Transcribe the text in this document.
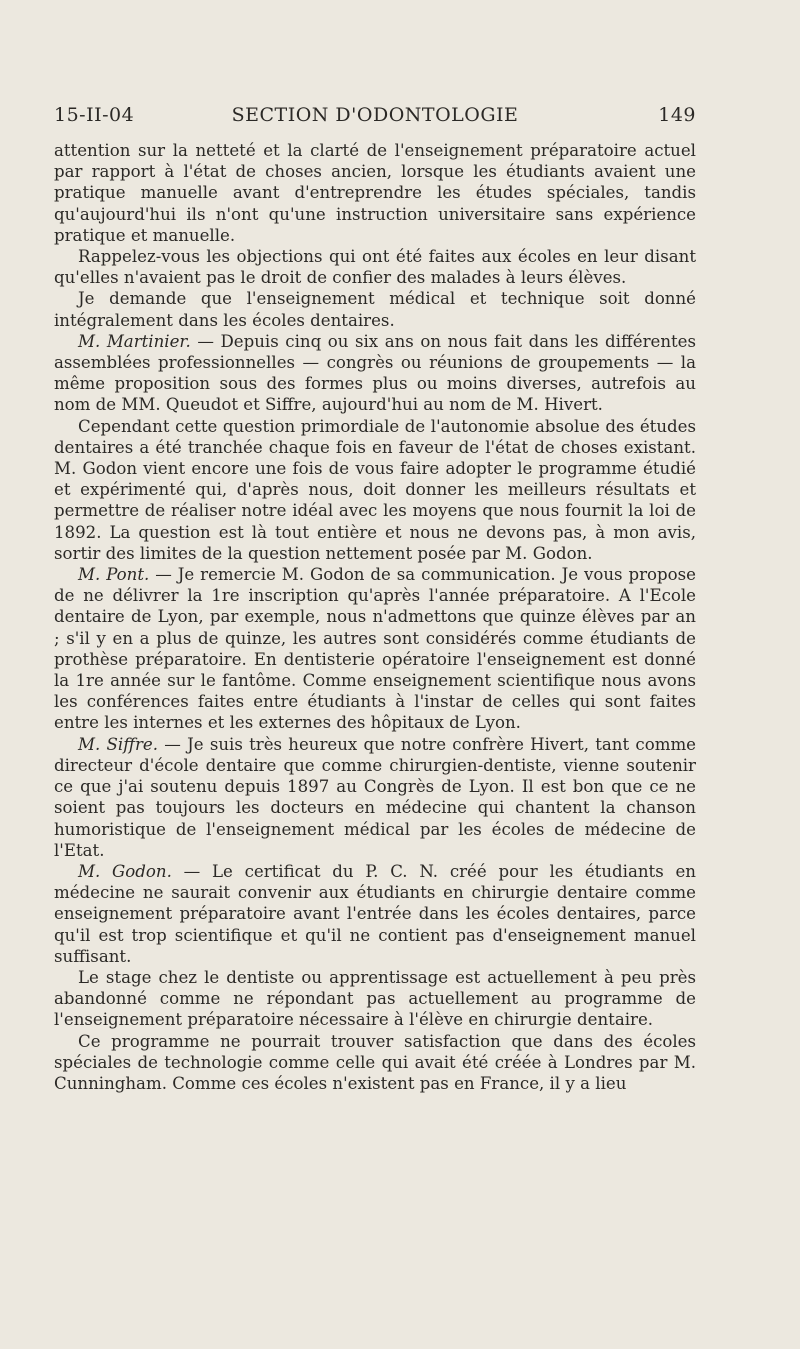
15-II-04	SECTION D'ODONTOLOGIE	149

attention sur la netteté et la clarté de l'enseignement préparatoire actuel par rapport à l'état de choses ancien, lorsque les étudiants avaient une pratique manuelle avant d'entreprendre les études spéciales, tandis qu'aujourd'hui ils n'ont qu'une instruction universitaire sans expérience pratique et manuelle.

Rappelez-vous les objections qui ont été faites aux écoles en leur disant qu'elles n'avaient pas le droit de confier des malades à leurs élèves.

Je demande que l'enseignement médical et technique soit donné intégralement dans les écoles dentaires.

M. Martinier. — Depuis cinq ou six ans on nous fait dans les différentes assemblées professionnelles — congrès ou réunions de groupements — la même proposition sous des formes plus ou moins diverses, autrefois au nom de MM. Queudot et Siffre, aujourd'hui au nom de M. Hivert.

Cependant cette question primordiale de l'autonomie absolue des études dentaires a été tranchée chaque fois en faveur de l'état de choses existant. M. Godon vient encore une fois de vous faire adopter le programme étudié et expérimenté qui, d'après nous, doit donner les meilleurs résultats et permettre de réaliser notre idéal avec les moyens que nous fournit la loi de 1892. La question est là tout entière et nous ne devons pas, à mon avis, sortir des limites de la question nettement posée par M. Godon.

M. Pont. — Je remercie M. Godon de sa communication. Je vous propose de ne délivrer la 1re inscription qu'après l'année préparatoire. A l'Ecole dentaire de Lyon, par exemple, nous n'admettons que quinze élèves par an ; s'il y en a plus de quinze, les autres sont considérés comme étudiants de prothèse préparatoire. En dentisterie opératoire l'enseignement est donné la 1re année sur le fantôme. Comme enseignement scientifique nous avons les conférences faites entre étudiants à l'instar de celles qui sont faites entre les internes et les externes des hôpitaux de Lyon.

M. Siffre. — Je suis très heureux que notre confrère Hivert, tant comme directeur d'école dentaire que comme chirurgien-dentiste, vienne soutenir ce que j'ai soutenu depuis 1897 au Congrès de Lyon. Il est bon que ce ne soient pas toujours les docteurs en médecine qui chantent la chanson humoristique de l'enseignement médical par les écoles de médecine de l'Etat.

M. Godon. — Le certificat du P. C. N. créé pour les étudiants en médecine ne saurait convenir aux étudiants en chirurgie dentaire comme enseignement préparatoire avant l'entrée dans les écoles dentaires, parce qu'il est trop scientifique et qu'il ne contient pas d'enseignement manuel suffisant.

Le stage chez le dentiste ou apprentissage est actuellement à peu près abandonné comme ne répondant pas actuellement au programme de l'enseignement préparatoire nécessaire à l'élève en chirurgie dentaire.

Ce programme ne pourrait trouver satisfaction que dans des écoles spéciales de technologie comme celle qui avait été créée à Londres par M. Cunningham. Comme ces écoles n'existent pas en France, il y a lieu
